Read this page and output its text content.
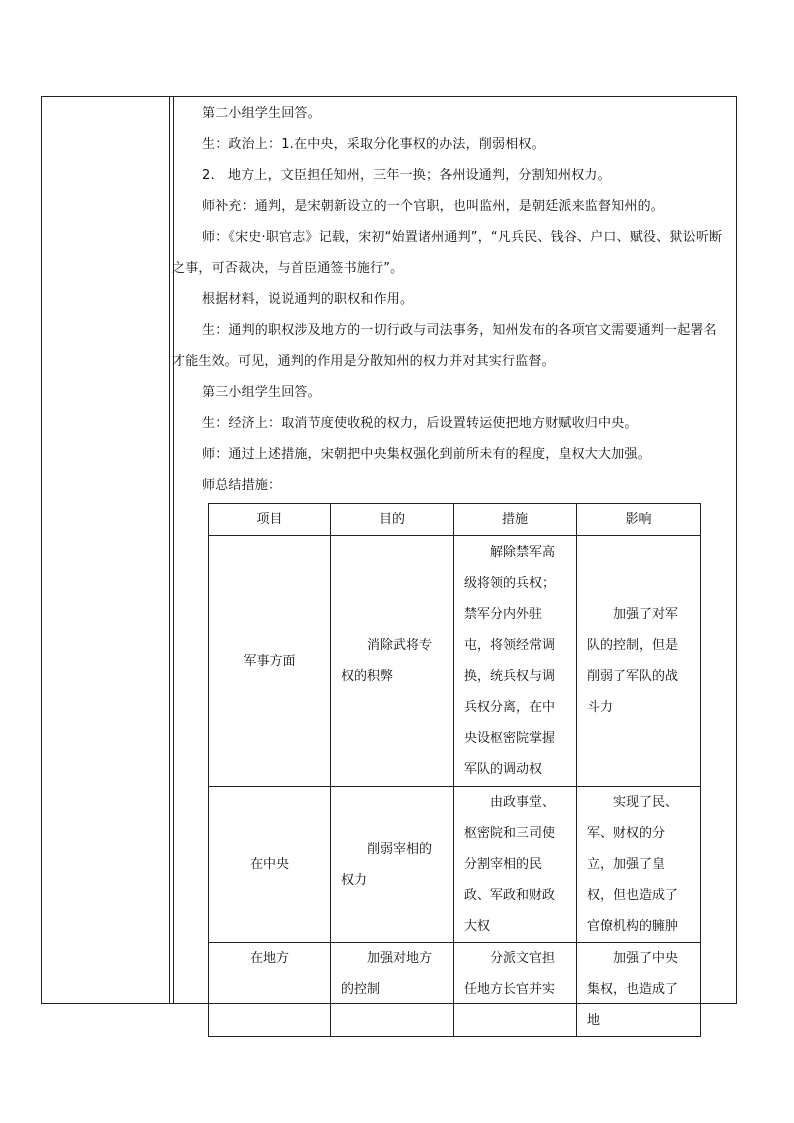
第二小组学生回答。

生：政治上：1.在中央，采取分化事权的办法，削弱相权。

2.　地方上，文臣担任知州，三年一换；各州设通判，分割知州权力。

师补充：通判，是宋朝新设立的一个官职，也叫监州，是朝廷派来监督知州的。

师：《宋史·职官志》记载，宋初“始置诸州通判”，“凡兵民、钱谷、户口、赋役、狱讼听断之事，可否裁决，与首臣通签书施行”。

根据材料，说说通判的职权和作用。

生：通判的职权涉及地方的一切行政与司法事务，知州发布的各项官文需要通判一起署名才能生效。可见，通判的作用是分散知州的权力并对其实行监督。

第三小组学生回答。

生：经济上：取消节度使收税的权力，后设置转运使把地方财赋收归中央。

师：通过上述措施，宋朝把中央集权强化到前所未有的程度，皇权大大加强。

师总结措施：

项目	目的	措施	影响
军事方面	消除武将专权的积弊	解除禁军高级将领的兵权；禁军分内外驻屯，将领经常调换，统兵权与调兵权分离，在中央设枢密院掌握军队的调动权	加强了对军队的控制，但是削弱了军队的战斗力
在中央	削弱宰相的权力	由政事堂、枢密院和三司使分割宰相的民政、军政和财政大权	实现了民、军、财权的分立，加强了皇权，但也造成了官僚机构的臃肿
在地方	加强对地方的控制	分派文官担任地方长官并实	加强了中央集权，也造成了地
